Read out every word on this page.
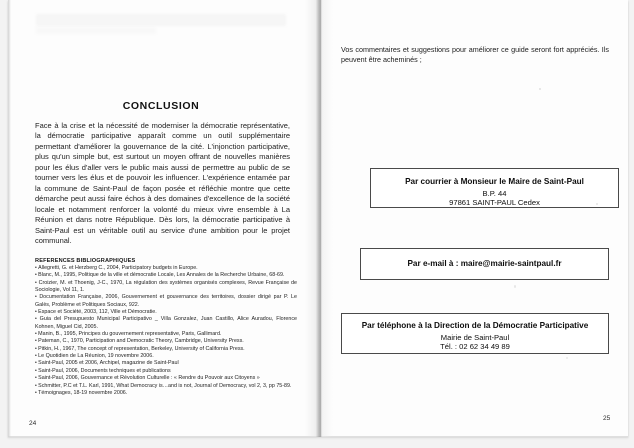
CONCLUSION
Face à la crise et la nécessité de moderniser la démocratie représentative, la démocratie participative apparaît comme un outil supplémentaire permettant d'améliorer la gouvernance de la cité. L'injonction participative, plus qu'un simple but, est surtout un moyen offrant de nouvelles manières pour les élus d'aller vers le public mais aussi de permettre au public de se tourner vers les élus et de pouvoir les influencer. L'expérience entamée par la commune de Saint-Paul de façon posée et réfléchie montre que cette démarche peut aussi faire échos à des domaines d'excellence de la société locale et notamment renforcer la volonté du mieux vivre ensemble à La Réunion et dans notre République. Dès lors, la démocratie participative à Saint-Paul est un véritable outil au service d'une ambition pour le projet communal.
REFERENCES BIBLIOGRAPHIQUES
• Allegretti, G. et Herzberg C., 2004, Participatory budgets in Europe.
• Blanc, M., 1995, Politique de la ville et démocratie Locale, Les Annales de la Recherche Urbaine, 68-69.
• Croizier, M. et Thoenig, J-C., 1970, La régulation des systèmes organisés complexes, Revue Française de Sociologie, Vol 11, 1.
• Documentation Française, 2006, Gouvernement et gouvernance des territoires, dossier dirigé par P. Le Galès, Problème et Politiques Sociaux, 922.
• Espace et Société, 2003, 112, Ville et Démocratie.
• Guia del Presupuesto Municipal Participativo _ Villa Gonzalez, Juan Castillo, Alice Auradou, Florence Kohnen, Miguel Cid, 2005.
• Manin, B., 1995, Principes du gouvernement representative, Paris, Gallimard.
• Pateman, C., 1970, Participation and Democratic Theory, Cambridge, University Press.
• Pitkin, H., 1967, The concept of representation, Berkeley, University of California Press.
• Le Quotidien de La Réunion, 19 novembre 2006.
• Saint-Paul, 2005 et 2006, Archipel, magazine de Saint-Paul
• Saint-Paul, 2006, Documents techniques et publications
• Saint-Paul, 2006, Gouvernance et Révolution Culturelle : « Rendre du Pouvoir aux Citoyens »
• Schmitter, P.C et T.L. Karl, 1991, What Democracy is…and is not, Journal of Democracy, vol 2, 3, pp 75-89.
• Témoignages, 18-19 novembre 2006.
24
Vos commentaires et suggestions pour améliorer ce guide seront fort appréciés. Ils peuvent être acheminés ;
Par courrier à Monsieur le Maire de Saint-Paul
B.P. 44
97861 SAINT-PAUL Cedex
Par e-mail à : maire@mairie-saintpaul.fr
Par téléphone à la Direction de la Démocratie Participative
Mairie de Saint-Paul
Tél. : 02 62 34 49 89
25
